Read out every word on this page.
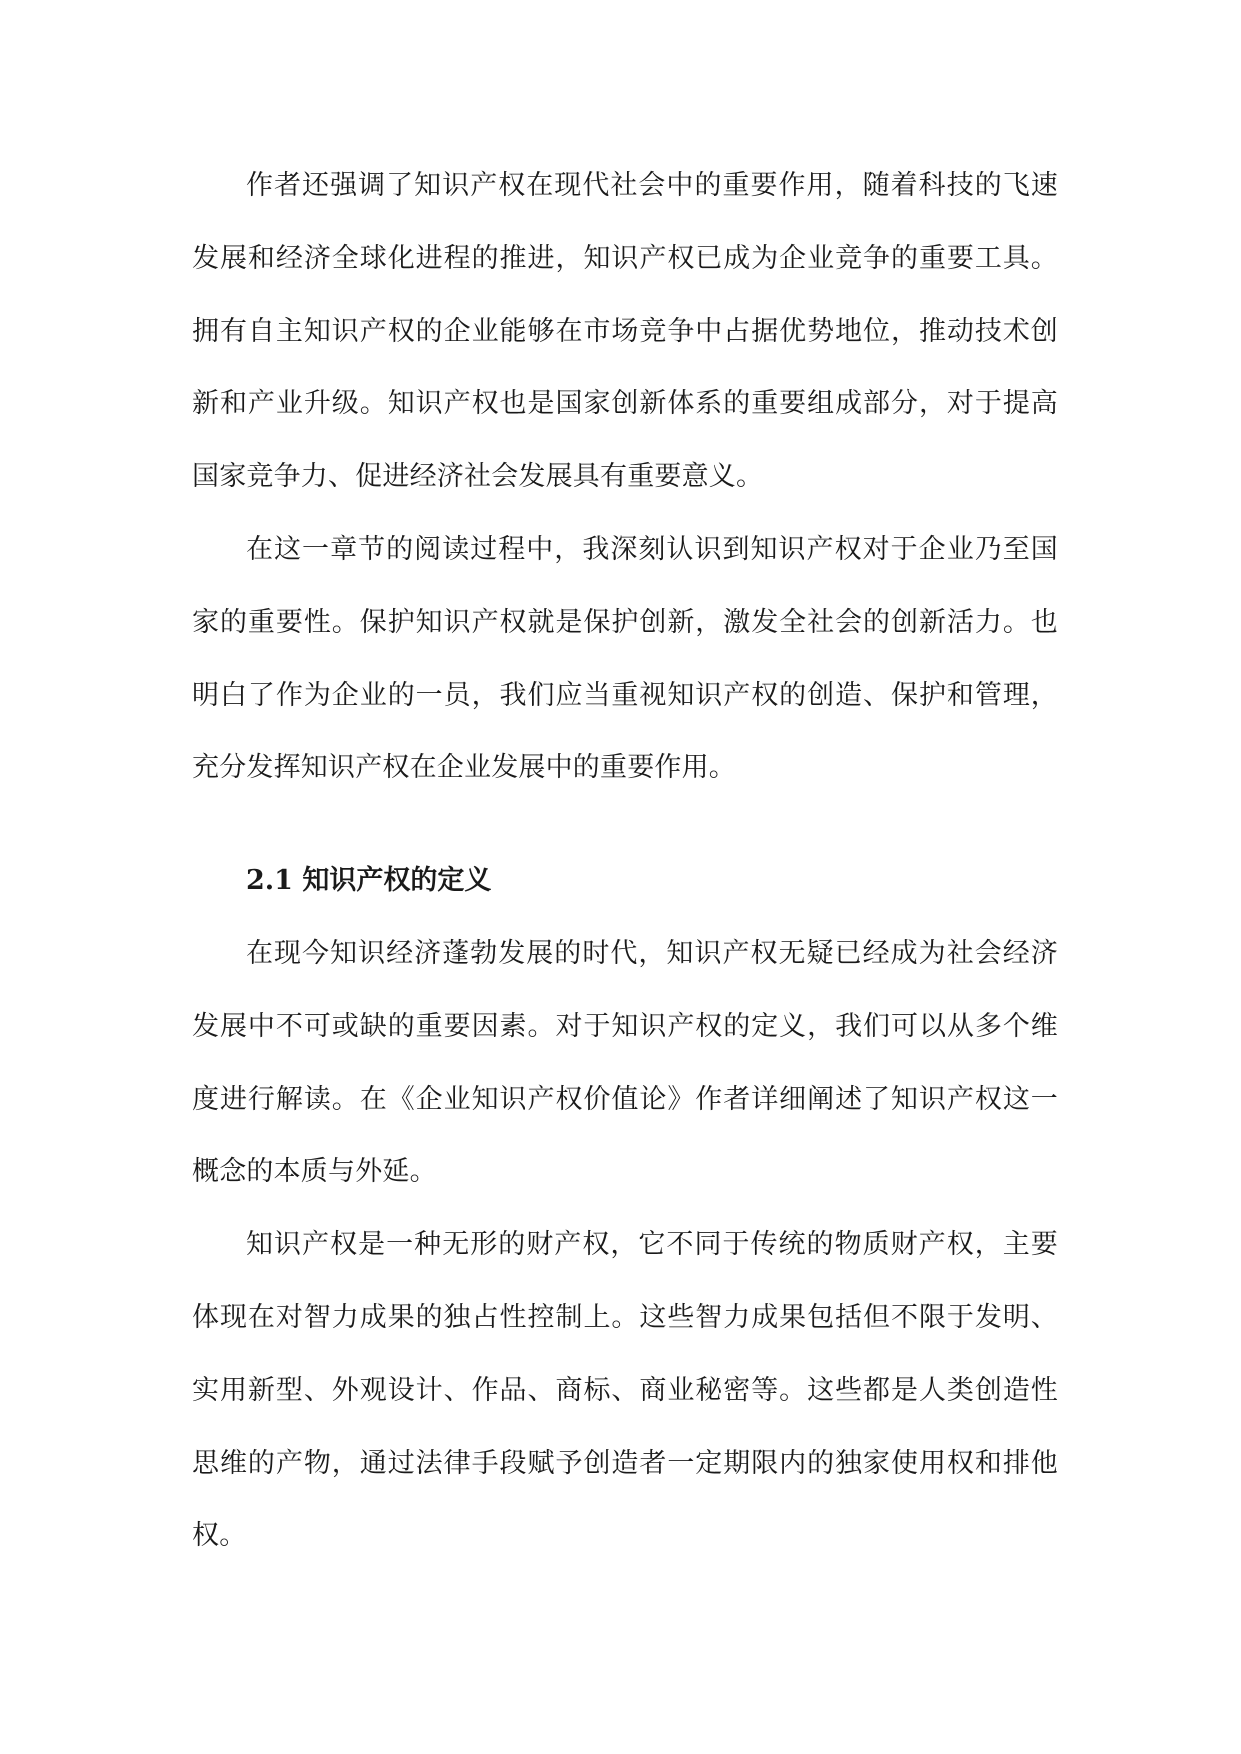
作者还强调了知识产权在现代社会中的重要作用，随着科技的飞速发展和经济全球化进程的推进，知识产权已成为企业竞争的重要工具。拥有自主知识产权的企业能够在市场竞争中占据优势地位，推动技术创新和产业升级。知识产权也是国家创新体系的重要组成部分，对于提高国家竞争力、促进经济社会发展具有重要意义。

在这一章节的阅读过程中，我深刻认识到知识产权对于企业乃至国家的重要性。保护知识产权就是保护创新，激发全社会的创新活力。也明白了作为企业的一员，我们应当重视知识产权的创造、保护和管理，充分发挥知识产权在企业发展中的重要作用。

2.1 知识产权的定义

在现今知识经济蓬勃发展的时代，知识产权无疑已经成为社会经济发展中不可或缺的重要因素。对于知识产权的定义，我们可以从多个维度进行解读。在《企业知识产权价值论》作者详细阐述了知识产权这一概念的本质与外延。

知识产权是一种无形的财产权，它不同于传统的物质财产权，主要体现在对智力成果的独占性控制上。这些智力成果包括但不限于发明、实用新型、外观设计、作品、商标、商业秘密等。这些都是人类创造性思维的产物，通过法律手段赋予创造者一定期限内的独家使用权和排他权。
